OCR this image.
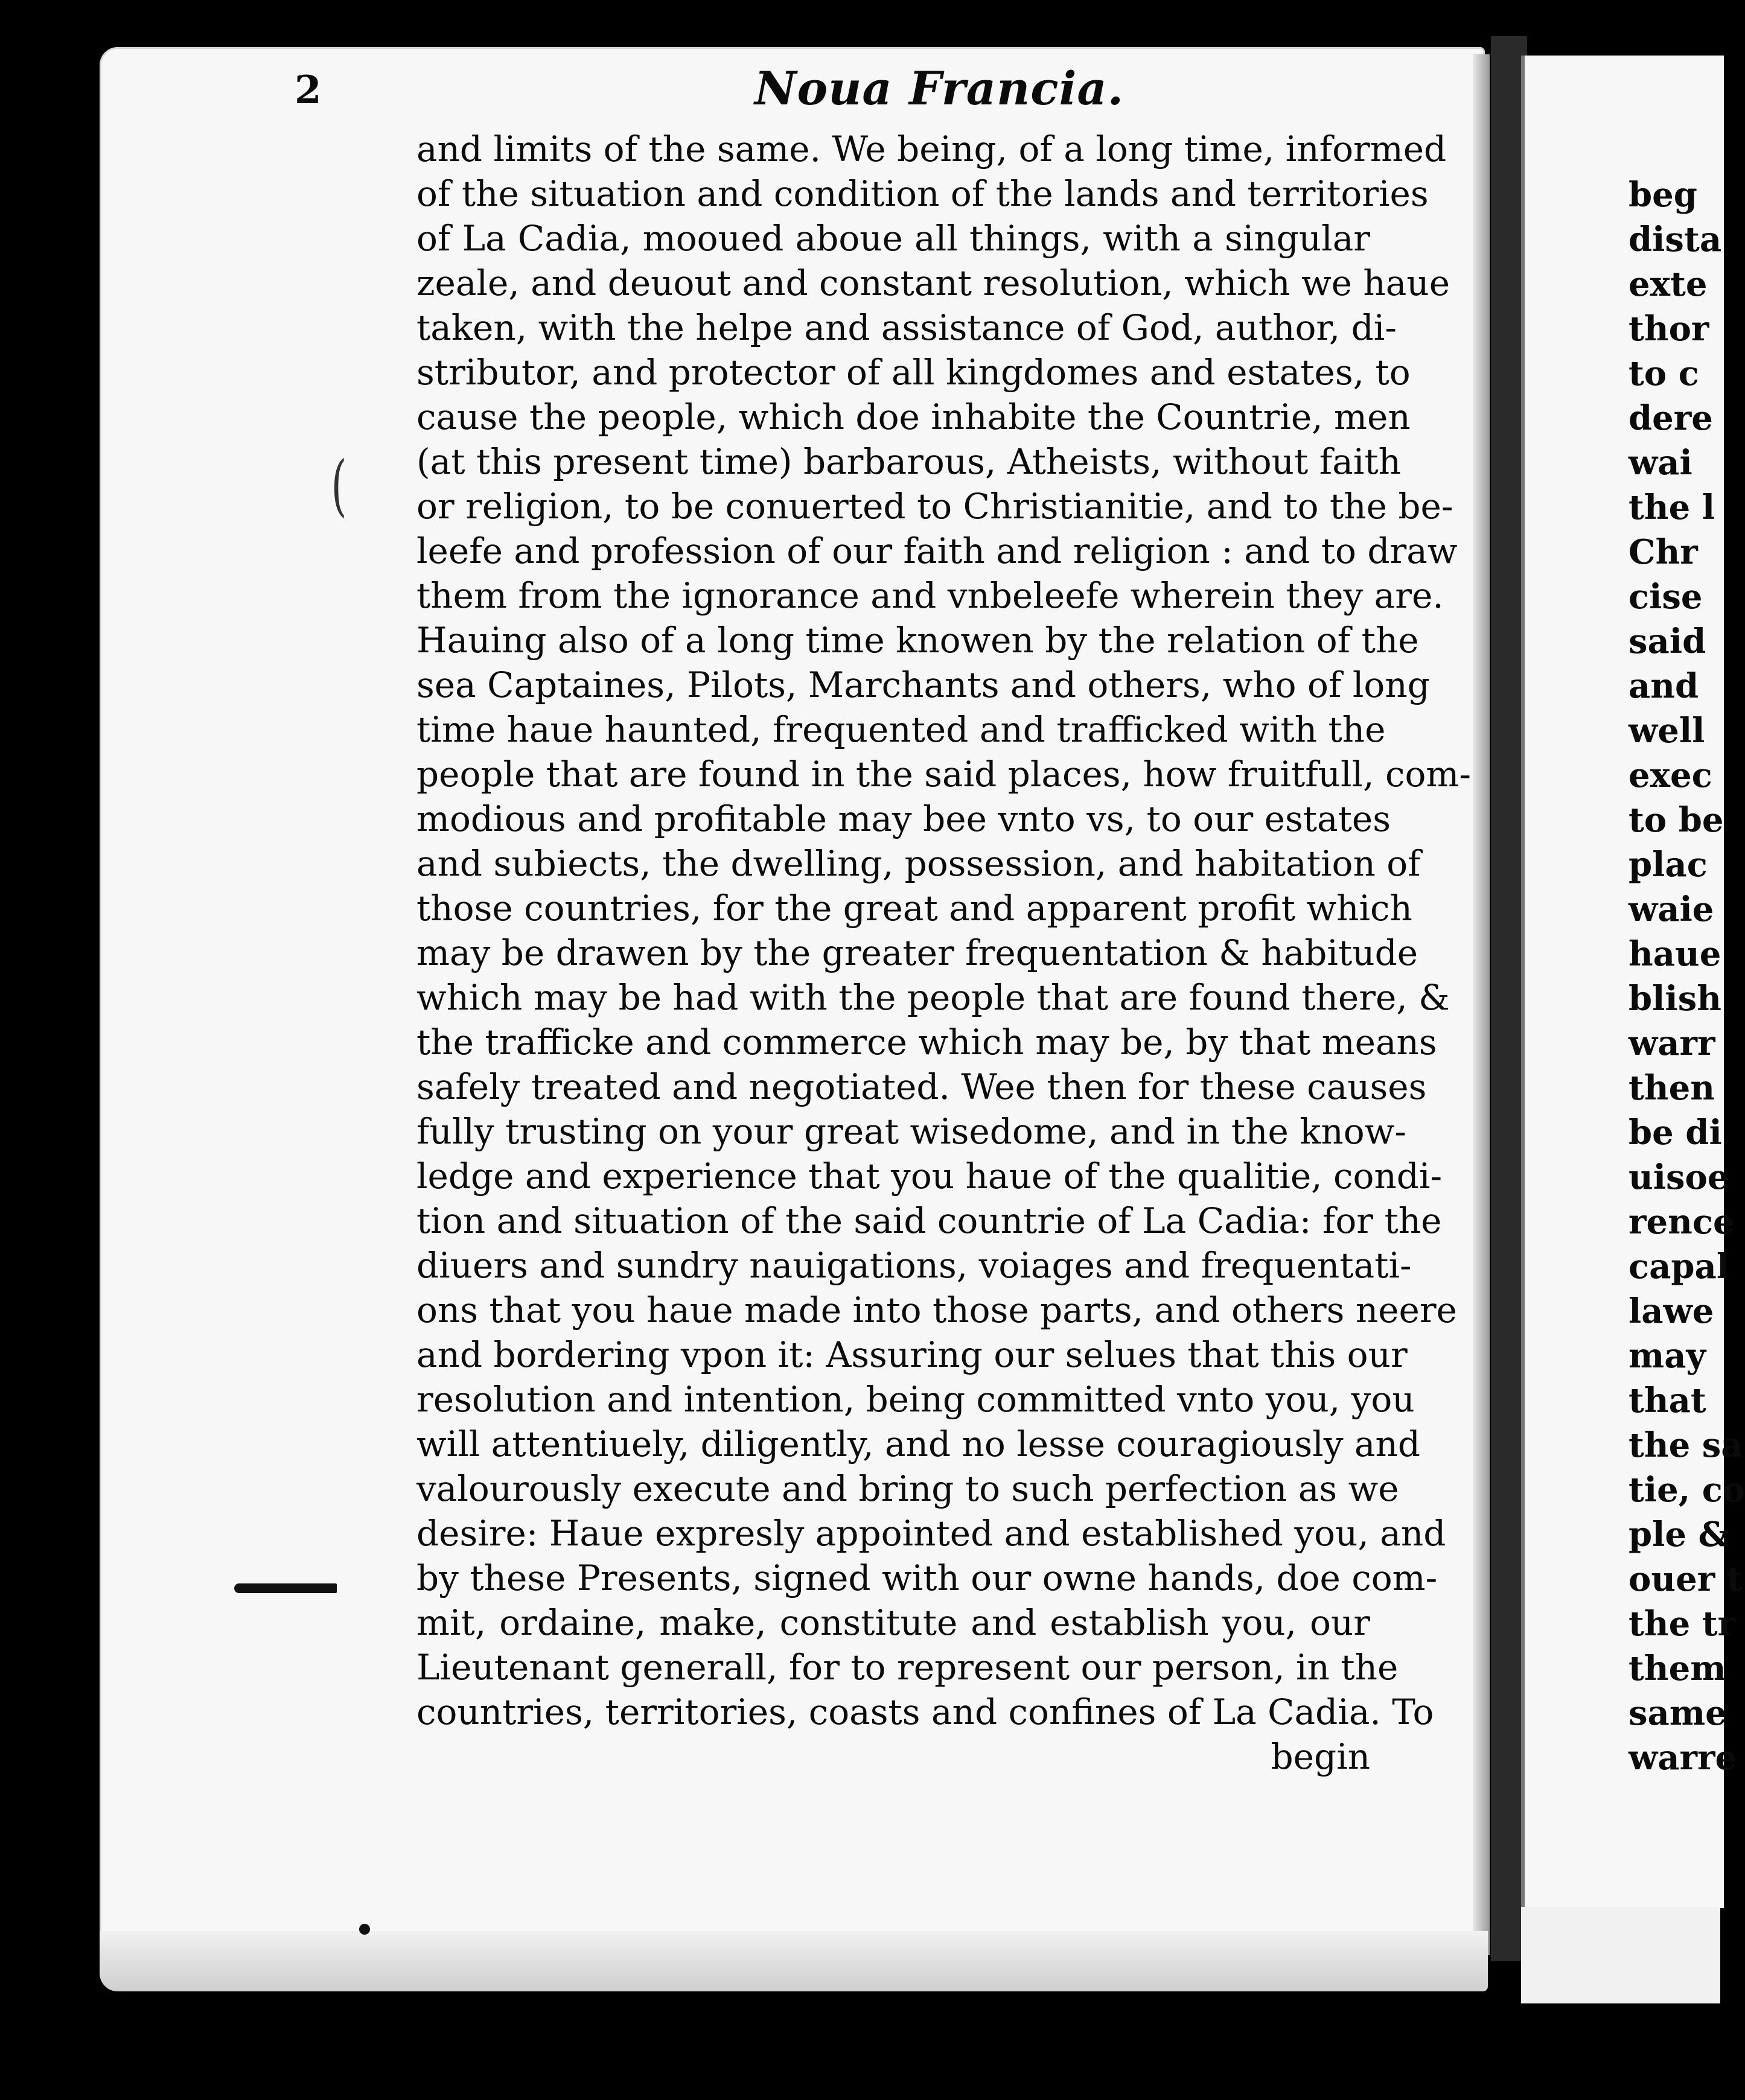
2	Noua Francia.
and limits of the same. We being, of a long time, informed
of the situation and condition of the lands and territories
of La Cadia, mooued aboue all things, with a singular
zeale, and deuout and constant resolution, which we haue
taken, with the helpe and assistance of God, author, di-
stributor, and protector of all kingdomes and estates, to
cause the people, which doe inhabite the Countrie, men
(at this present time) barbarous, Atheists, without faith
or religion, to be conuerted to Christianitie, and to the be-
leefe and profession of our faith and religion : and to draw
them from the ignorance and vnbeleefe wherein they are.
Hauing also of a long time knowen by the relation of the
sea Captaines, Pilots, Marchants and others, who of long
time haue haunted, frequented and trafficked with the
people that are found in the said places, how fruitfull, com-
modious and profitable may bee vnto vs, to our estates
and subiects, the dwelling, possession, and habitation of
those countries, for the great and apparent profit which
may be drawen by the greater frequentation & habitude
which may be had with the people that are found there, &
the trafficke and commerce which may be, by that means
safely treated and negotiated. Wee then for these causes
fully trusting on your great wisedome, and in the know-
ledge and experience that you haue of the qualitie, condi-
tion and situation of the said countrie of La Cadia: for the
diuers and sundry nauigations, voiages and frequentati-
ons that you haue made into those parts, and others neere
and bordering vpon it: Assuring our selues that this our
resolution and intention, being committed vnto you, you
will attentiuely, diligently, and no lesse couragiously and
valourously execute and bring to such perfection as we
desire: Haue expresly appointed and established you, and
by these Presents, signed with our owne hands, doe com-
mit, ordaine, make, constitute and establish you, our
Lieutenant generall, for to represent our person, in the
countries, territories, coasts and confines of La Cadia. To
begin
beg
dista
exte
thor
to c
dere
wai
the l
Chr
cise
said
and
well
exec
to be
plac
waie
haue
blish
warr
then
be di
uisoe
rence
capal
lawe
may
that
the sa
tie, co
ple &
ouer t
the tr
them
same
warre
(
